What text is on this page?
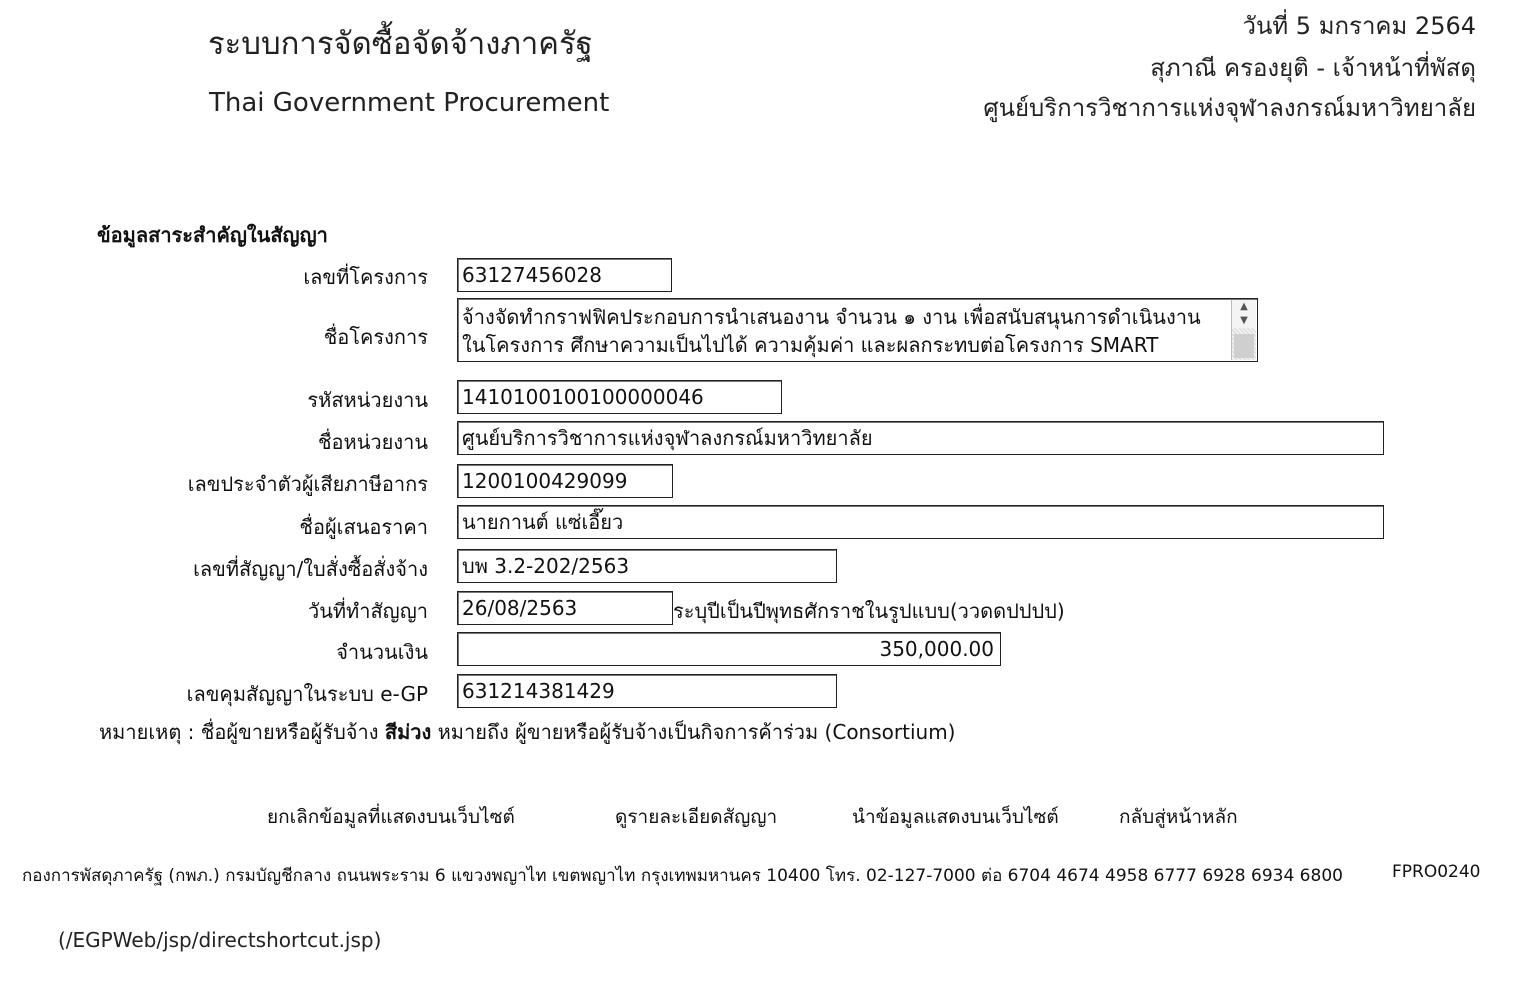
ระบบการจัดซื้อจัดจ้างภาครัฐ
Thai Government Procurement
วันที่ 5 มกราคม 2564
สุภาณี ครองยุติ - เจ้าหน้าที่พัสดุ
ศูนย์บริการวิชาการแห่งจุฬาลงกรณ์มหาวิทยาลัย
ข้อมูลสาระสำคัญในสัญญา
เลขที่โครงการ 63127456028
ชื่อโครงการ
จ้างจัดทำกราฟฟิคประกอบการนำเสนองาน จำนวน ๑ งาน เพื่อสนับสนุนการดำเนินงาน
ในโครงการ ศึกษาความเป็นไปได้ ความคุ้มค่า และผลกระทบต่อโครงการ SMART
▲
▼
รหัสหน่วยงาน 1410100100100000046
ชื่อหน่วยงาน ศูนย์บริการวิชาการแห่งจุฬาลงกรณ์มหาวิทยาลัย
เลขประจำตัวผู้เสียภาษีอากร 1200100429099
ชื่อผู้เสนอราคา นายกานต์ แซ่เอี๊ยว
เลขที่สัญญา/ใบสั่งซื้อสั่งจ้าง บพ 3.2-202/2563
วันที่ทำสัญญา 26/08/2563	ระบุปีเป็นปีพุทธศักราชในรูปแบบ(ววดดปปปป)
จำนวนเงิน	350,000.00
เลขคุมสัญญาในระบบ e-GP 631214381429
หมายเหตุ : ชื่อผู้ขายหรือผู้รับจ้าง สีม่วง หมายถึง ผู้ขายหรือผู้รับจ้างเป็นกิจการค้าร่วม (Consortium)
ยกเลิกข้อมูลที่แสดงบนเว็บไซต์	ดูรายละเอียดสัญญา	นำข้อมูลแสดงบนเว็บไซต์	กลับสู่หน้าหลัก
กองการพัสดุภาครัฐ (กพภ.) กรมบัญชีกลาง ถนนพระราม 6 แขวงพญาไท เขตพญาไท กรุงเทพมหานคร 10400 โทร. 02-127-7000 ต่อ 6704 4674 4958 6777 6928 6934 6800	FPRO0240
(/EGPWeb/jsp/directshortcut.jsp)
